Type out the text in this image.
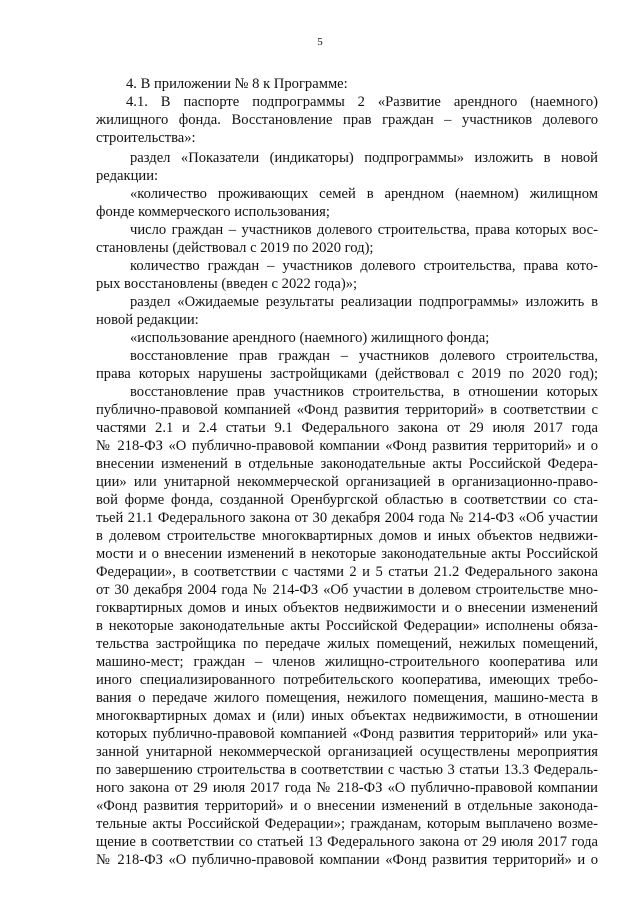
5
4. В приложении № 8 к Программе:
4.1. В паспорте подпрограммы 2 «Развитие арендного (наемного)
жилищного фонда. Восстановление прав граждан – участников долевого
строительства»:
раздел «Показатели (индикаторы) подпрограммы» изложить в новой
редакции:
«количество проживающих семей в арендном (наемном) жилищном
фонде коммерческого использования;
число граждан – участников долевого строительства, права которых вос-
становлены (действовал с 2019 по 2020 год);
количество граждан – участников долевого строительства, права кото-
рых восстановлены (введен с 2022 года)»;
раздел «Ожидаемые результаты реализации подпрограммы» изложить в
новой редакции:
«использование арендного (наемного) жилищного фонда;
восстановление прав граждан – участников долевого строительства,
права которых нарушены застройщиками (действовал с 2019 по 2020 год);
восстановление прав участников строительства, в отношении которых
публично-правовой компанией «Фонд развития территорий» в соответствии с
частями 2.1 и 2.4 статьи 9.1 Федерального закона от 29 июля 2017 года
№ 218-ФЗ «О публично-правовой компании «Фонд развития территорий» и о
внесении изменений в отдельные законодательные акты Российской Федера-
ции» или унитарной некоммерческой организацией в организационно-право-
вой форме фонда, созданной Оренбургской областью в соответствии со ста-
тьей 21.1 Федерального закона от 30 декабря 2004 года № 214-ФЗ «Об участии
в долевом строительстве многоквартирных домов и иных объектов недвижи-
мости и о внесении изменений в некоторые законодательные акты Российской
Федерации», в соответствии с частями 2 и 5 статьи 21.2 Федерального закона
от 30 декабря 2004 года № 214-ФЗ «Об участии в долевом строительстве мно-
гоквартирных домов и иных объектов недвижимости и о внесении изменений
в некоторые законодательные акты Российской Федерации» исполнены обяза-
тельства застройщика по передаче жилых помещений, нежилых помещений,
машино-мест; граждан – членов жилищно-строительного кооператива или
иного специализированного потребительского кооператива, имеющих требо-
вания о передаче жилого помещения, нежилого помещения, машино-места в
многоквартирных домах и (или) иных объектах недвижимости, в отношении
которых публично-правовой компанией «Фонд развития территорий» или ука-
занной унитарной некоммерческой организацией осуществлены мероприятия
по завершению строительства в соответствии с частью 3 статьи 13.3 Федераль-
ного закона от 29 июля 2017 года № 218-ФЗ «О публично-правовой компании
«Фонд развития территорий» и о внесении изменений в отдельные законода-
тельные акты Российской Федерации»; гражданам, которым выплачено возме-
щение в соответствии со статьей 13 Федерального закона от 29 июля 2017 года
№ 218-ФЗ «О публично-правовой компании «Фонд развития территорий» и о
